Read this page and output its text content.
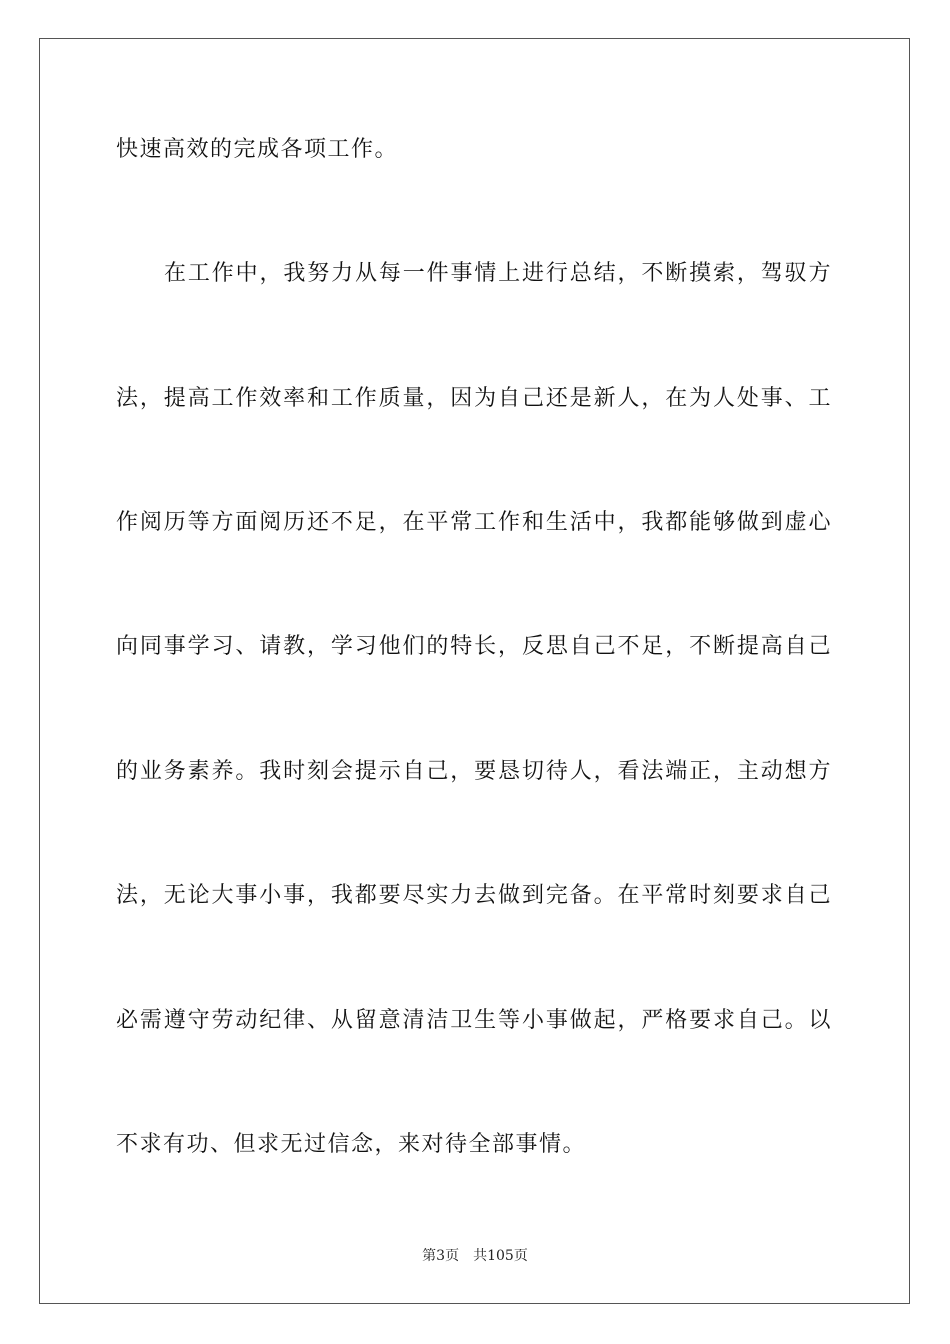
快速高效的完成各项工作。
在工作中，我努力从每一件事情上进行总结，不断摸索，驾驭方
法，提高工作效率和工作质量，因为自己还是新人，在为人处事、工
作阅历等方面阅历还不足，在平常工作和生活中，我都能够做到虚心
向同事学习、请教，学习他们的特长，反思自己不足，不断提高自己
的业务素养。我时刻会提示自己，要恳切待人，看法端正，主动想方
法，无论大事小事，我都要尽实力去做到完备。在平常时刻要求自己
必需遵守劳动纪律、从留意清洁卫生等小事做起，严格要求自己。以
不求有功、但求无过信念，来对待全部事情。
第3页 共105页
